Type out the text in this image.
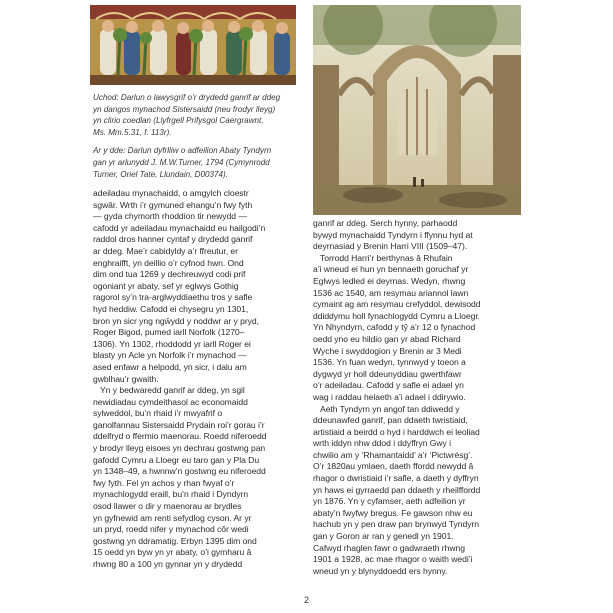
Uchod: Darlun o lawysgrif o’r drydedd ganrif ar ddeg
yn dangos mynachod Sistersaidd (neu frodyr lleyg)
yn clirio coedlan (Llyfrgell Prifysgol Caergrawnt,
Ms. Mm.5.31, f. 113r).

Ar y dde: Darlun dyfrlliw o adfeilion Abaty Tyndyrn
gan yr arlunydd J. M.W.Turner, 1794 (Cymynrodd
Turner, Oriel Tate, Llundain, D00374).

adeiladau mynachaidd, o amgylch cloestr
sgwâr. Wrth i’r gymuned ehangu’n fwy fyth
— gyda chymorth rhoddion tir newydd —
cafodd yr adeiladau mynachaidd eu hailgodi’n
raddol dros hanner cyntaf y drydedd ganrif
ar ddeg. Mae’r cabidyldy a’r ffreutur, er
enghraifft, yn deillio o’r cyfnod hwn. Ond
dim ond tua 1269 y dechreuwyd codi prif
ogoniant yr abaty, sef yr eglwys Gothig
ragorol sy’n tra-arglwyddiaethu tros y safle
hyd heddiw. Cafodd ei chysegru yn 1301,
bron yn sicr yng ngŵydd y noddwr ar y pryd,
Roger Bigod, pumed iarll Norfolk (1270–
1306). Yn 1302, rhoddodd yr iarll Roger ei
blasty yn Acle yn Norfolk i’r mynachod —
ased enfawr a helpodd, yn sicr, i dalu am
gwblhau’r gwaith.
Yn y bedwaredd ganrif ar ddeg, yn sgil
newidiadau cymdeithasol ac economaidd
sylweddol, bu’n rhaid i’r mwyafrif o
ganolfannau Sistersaidd Prydain roi’r gorau i’r
ddelfryd o ffermio maenorau. Roedd niferoedd
y brodyr lleyg eisoes yn dechrau gostwng pan
gafodd Cymru a Lloegr eu taro gan y Pla Du
yn 1348–49, a hwnnw’n gostwng eu niferoedd
fwy fyth. Fel yn achos y rhan fwyaf o’r
mynachlogydd eraill, bu’n rhaid i Dyndyrn
osod llawer o dir y maenorau ar brydles
yn gyfnewid am renti sefydlog cyson. Ar yr
un pryd, roedd nifer y mynachod côr wedi
gostwng yn ddramatig. Erbyn 1395 dim ond
15 oedd yn byw yn yr abaty, o’i gymharu â
rhwng 80 a 100 yn gynnar yn y drydedd
ganrif ar ddeg. Serch hynny, parhaodd
bywyd mynachaidd Tyndyrn i ffynnu hyd at
deyrnasiad y Brenin Harri VIII (1509–47).
Torrodd Harri’r berthynas â Rhufain
a’i wneud ei hun yn bennaeth goruchaf yr
Eglwys ledled ei deyrnas. Wedyn, rhwng
1536 ac 1540, am resymau ariannol lawn
cymaint ag am resymau crefyddol, dewisodd
ddiddymu holl fynachlogydd Cymru a Lloegr.
Yn Nhyndyrn, cafodd y tŷ a’r 12 o fynachod
oedd yno eu hildio gan yr abad Richard
Wyche i swyddogion y Brenin ar 3 Medi
1536. Yn fuan wedyn, tynnwyd y toeon a
dygwyd yr holl ddeunyddiau gwerthfawr
o’r adeiladau. Cafodd y safle ei adael yn
wag i raddau helaeth a’i adael i ddirywio.
Aeth Tyndyrn yn angof tan ddiwedd y
ddeunawfed ganrif, pan ddaeth twristiaid,
artistiaid a beirdd o hyd i harddwch ei leoliad
wrth iddyn nhw ddod i ddyffryn Gwy i
chwilio am y ‘Rhamantaidd’ a’r ‘Pictwrésg’.
O’r 1820au ymlaen, daeth ffordd newydd â
rhagor o dwristiaid i’r safle, a daeth y dyffryn
yn haws ei gyrraedd pan ddaeth y rheilffordd
yn 1876. Yn y cyfamser, aeth adfeilion yr
abaty’n fwyfwy bregus. Fe gawson nhw eu
hachub yn y pen draw pan brynwyd Tyndyrn
gan y Goron ar ran y genedl yn 1901.
Cafwyd rhaglen fawr o gadwraeth rhwng
1901 a 1928, ac mae rhagor o waith wedi’i
wneud yn y blynyddoedd ers hynny.
2
